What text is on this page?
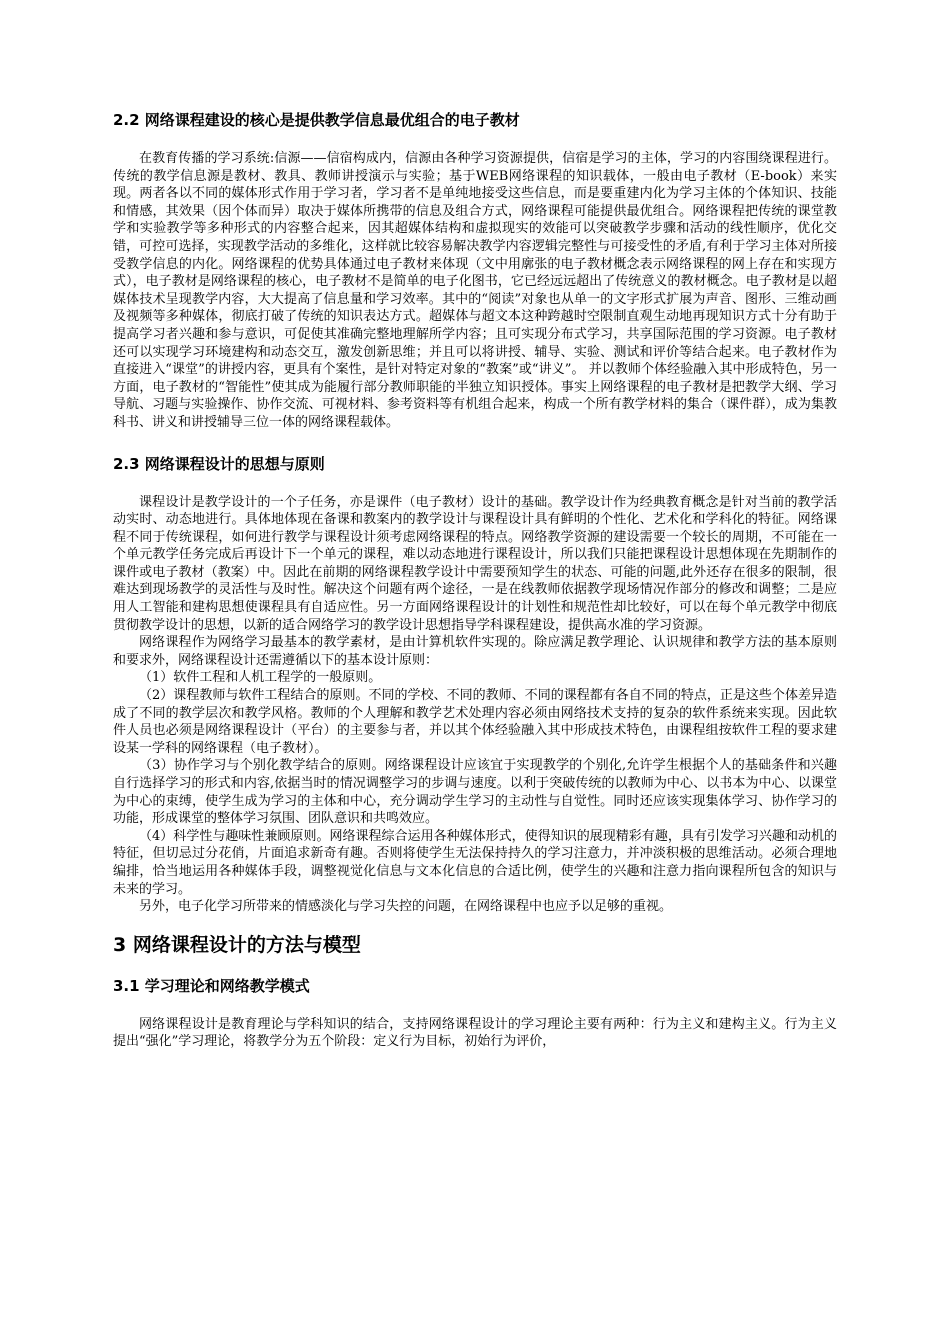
2.2 网络课程建设的核心是提供教学信息最优组合的电子教材

在教育传播的学习系统:信源——信宿构成内，信源由各种学习资源提供，信宿是学习的主体，学习的内容围绕课程进行。传统的教学信息源是教材、教具、教师讲授演示与实验；基于WEB网络课程的知识载体，一般由电子教材（E-book）来实现。两者各以不同的媒体形式作用于学习者，学习者不是单纯地接受这些信息，而是要重建内化为学习主体的个体知识、技能和情感，其效果（因个体而异）取决于媒体所携带的信息及组合方式，网络课程可能提供最优组合。网络课程把传统的课堂教学和实验教学等多种形式的内容整合起来，因其超媒体结构和虚拟现实的效能可以突破教学步骤和活动的线性顺序，优化交错，可控可选择，实现教学活动的多维化，这样就比较容易解决教学内容逻辑完整性与可接受性的矛盾,有利于学习主体对所接受教学信息的内化。网络课程的优势具体通过电子教材来体现（文中用廓张的电子教材概念表示网络课程的网上存在和实现方式），电子教材是网络课程的核心，电子教材不是简单的电子化图书，它已经远远超出了传统意义的教材概念。电子教材是以超媒体技术呈现教学内容，大大提高了信息量和学习效率。其中的“阅读”对象也从单一的文字形式扩展为声音、图形、三维动画及视频等多种媒体，彻底打破了传统的知识表达方式。超媒体与超文本这种跨越时空限制直观生动地再现知识方式十分有助于提高学习者兴趣和参与意识，可促使其准确完整地理解所学内容；且可实现分布式学习，共享国际范围的学习资源。电子教材还可以实现学习环境建构和动态交互，激发创新思维；并且可以将讲授、辅导、实验、测试和评价等结合起来。电子教材作为直接进入“课堂”的讲授内容，更具有个案性，是针对特定对象的“教案”或“讲义”。 并以教师个体经验融入其中形成特色，另一方面，电子教材的“智能性”使其成为能履行部分教师职能的半独立知识授体。事实上网络课程的电子教材是把教学大纲、学习导航、习题与实验操作、协作交流、可视材料、参考资料等有机组合起来，构成一个所有教学材料的集合（课件群），成为集教科书、讲义和讲授辅导三位一体的网络课程载体。

2.3 网络课程设计的思想与原则

课程设计是教学设计的一个子任务，亦是课件（电子教材）设计的基础。教学设计作为经典教育概念是针对当前的教学活动实时、动态地进行。具体地体现在备课和教案内的教学设计与课程设计具有鲜明的个性化、艺术化和学科化的特征。网络课程不同于传统课程，如何进行教学与课程设计须考虑网络课程的特点。网络教学资源的建设需要一个较长的周期，不可能在一个单元教学任务完成后再设计下一个单元的课程，难以动态地进行课程设计，所以我们只能把课程设计思想体现在先期制作的课件或电子教材（教案）中。因此在前期的网络课程教学设计中需要预知学生的状态、可能的问题,此外还存在很多的限制，很难达到现场教学的灵活性与及时性。解决这个问题有两个途径，一是在线教师依据教学现场情况作部分的修改和调整；二是应用人工智能和建构思想使课程具有自适应性。另一方面网络课程设计的计划性和规范性却比较好，可以在每个单元教学中彻底贯彻教学设计的思想，以新的适合网络学习的教学设计思想指导学科课程建设，提供高水准的学习资源。

网络课程作为网络学习最基本的教学素材，是由计算机软件实现的。除应满足教学理论、认识规律和教学方法的基本原则和要求外，网络课程设计还需遵循以下的基本设计原则：

（1）软件工程和人机工程学的一般原则。

（2）课程教师与软件工程结合的原则。不同的学校、不同的教师、不同的课程都有各自不同的特点，正是这些个体差异造成了不同的教学层次和教学风格。教师的个人理解和教学艺术处理内容必须由网络技术支持的复杂的软件系统来实现。因此软件人员也必须是网络课程设计（平台）的主要参与者，并以其个体经验融入其中形成技术特色，由课程组按软件工程的要求建设某一学科的网络课程（电子教材）。

（3）协作学习与个别化教学结合的原则。网络课程设计应该宜于实现教学的个别化,允许学生根据个人的基础条件和兴趣自行选择学习的形式和内容,依据当时的情况调整学习的步调与速度。以利于突破传统的以教师为中心、以书本为中心、以课堂为中心的束缚，使学生成为学习的主体和中心，充分调动学生学习的主动性与自觉性。同时还应该实现集体学习、协作学习的功能，形成课堂的整体学习氛围、团队意识和共鸣效应。

（4）科学性与趣味性兼顾原则。网络课程综合运用各种媒体形式，使得知识的展现精彩有趣，具有引发学习兴趣和动机的特征，但切忌过分花俏，片面追求新奇有趣。否则将使学生无法保持持久的学习注意力，并冲淡积极的思维活动。必须合理地编排，恰当地运用各种媒体手段，调整视觉化信息与文本化信息的合适比例，使学生的兴趣和注意力指向课程所包含的知识与未来的学习。

另外，电子化学习所带来的情感淡化与学习失控的问题，在网络课程中也应予以足够的重视。

3 网络课程设计的方法与模型
3.1 学习理论和网络教学模式

网络课程设计是教育理论与学科知识的结合，支持网络课程设计的学习理论主要有两种：行为主义和建构主义。行为主义提出“强化”学习理论，将教学分为五个阶段：定义行为目标，初始行为评价，
